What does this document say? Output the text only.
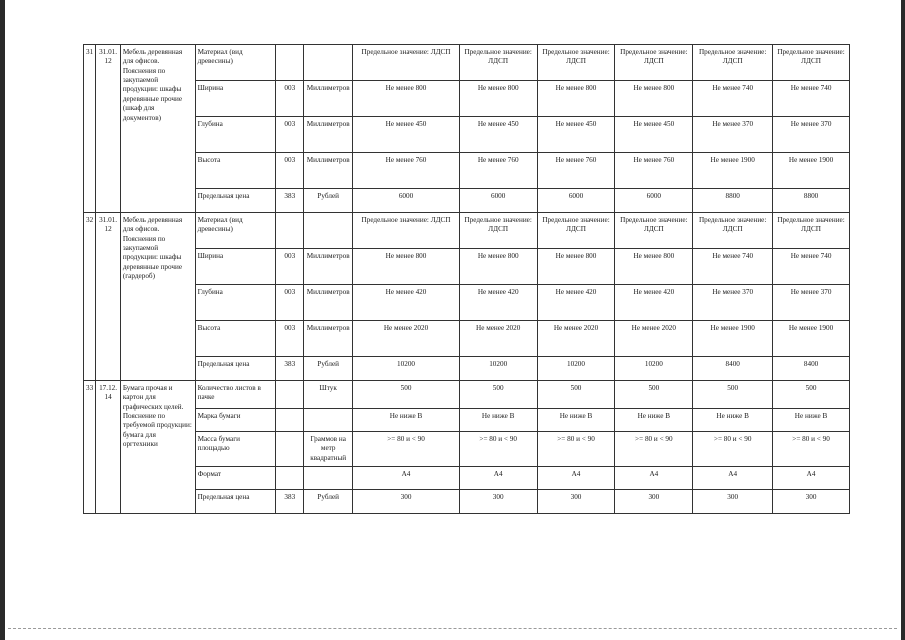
31	31.01.12	Мебель деревянная для офисов. Пояснения по закупаемой продукции: шкафы деревянные прочие (шкаф для документов)	Материал (вид древесины)			Предельное значение: ЛДСП	Предельное значение: ЛДСП	Предельное значение: ЛДСП	Предельное значение: ЛДСП	Предельное значение: ЛДСП	Предельное значение: ЛДСП
			Ширина	003	Миллиметров	Не менее 800	Не менее 800	Не менее 800	Не менее 800	Не менее 740	Не менее 740
			Глубина	003	Миллиметров	Не менее 450	Не менее 450	Не менее 450	Не менее 450	Не менее 370	Не менее 370
			Высота	003	Миллиметров	Не менее 760	Не менее 760	Не менее 760	Не менее 760	Не менее 1900	Не менее 1900
			Предельная цена	383	Рублей	6000	6000	6000	6000	8800	8800
32	31.01.12	Мебель деревянная для офисов. Пояснения по закупаемой продукции: шкафы деревянные прочие (гардероб)	Материал (вид древесины)			Предельное значение: ЛДСП	Предельное значение: ЛДСП	Предельное значение: ЛДСП	Предельное значение: ЛДСП	Предельное значение: ЛДСП	Предельное значение: ЛДСП
			Ширина	003	Миллиметров	Не менее 800	Не менее 800	Не менее 800	Не менее 800	Не менее 740	Не менее 740
			Глубина	003	Миллиметров	Не менее 420	Не менее 420	Не менее 420	Не менее 420	Не менее 370	Не менее 370
			Высота	003	Миллиметров	Не менее 2020	Не менее 2020	Не менее 2020	Не менее 2020	Не менее 1900	Не менее 1900
			Предельная цена	383	Рублей	10200	10200	10200	10200	8400	8400
33	17.12.14	Бумага прочая и картон для графических целей. Пояснение по требуемой продукции: бумага для оргтехники	Количество листов в пачке		Штук	500	500	500	500	500	500
			Марка бумаги			Не ниже В	Не ниже В	Не ниже В	Не ниже В	Не ниже В	Не ниже В
			Масса бумаги площадью		Граммов на метр квадратный	>= 80 и < 90	>= 80 и < 90	>= 80 и < 90	>= 80 и < 90	>= 80 и < 90	>= 80 и < 90
			Формат			А4	А4	А4	А4	А4	А4
			Предельная цена	383	Рублей	300	300	300	300	300	300
